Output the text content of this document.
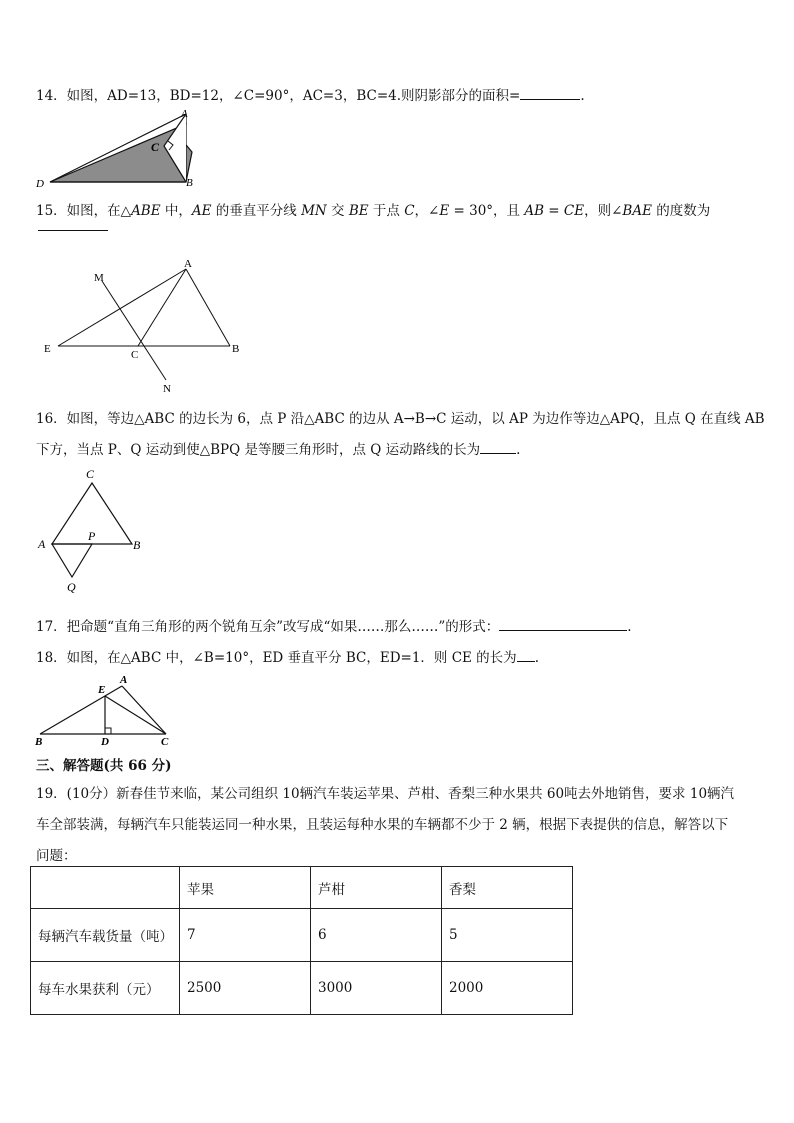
14．如图，AD=13，BD=12，∠C=90°，AC=3，BC=4.则阴影部分的面积=	.
A
C
D	B
15．如图，在△ABE 中，AE 的垂直平分线 MN 交 BE 于点 C，∠E = 30°，且 AB = CE，则∠BAE 的度数为
M
A
E	C	B
N
16．如图，等边△ABC 的边长为 6，点 P 沿△ABC 的边从 A→B→C 运动，以 AP 为边作等边△APQ，且点 Q 在直线 AB
下方，当点 P、Q 运动到使△BPQ 是等腰三角形时，点 Q 运动路线的长为	.
C
A
P
B
Q
17．把命题“直角三角形的两个锐角互余”改写成“如果……那么……”的形式：	.
18．如图，在△ABC 中，∠B=10°，ED 垂直平分 BC，ED=1．则 CE 的长为 .
E
A
B	D	C
三、解答题(共 66 分)
19．(10分）新春佳节来临，某公司组织 10辆汽车装运苹果、芦柑、香梨三种水果共 60吨去外地销售，要求 10辆汽
车全部装满，每辆汽车只能装运同一种水果，且装运每种水果的车辆都不少于 2 辆，根据下表提供的信息，解答以下
问题：
	苹果	芦柑	香梨
每辆汽车载货量（吨）	7	6	5
每车水果获利（元）	2500	3000	2000
